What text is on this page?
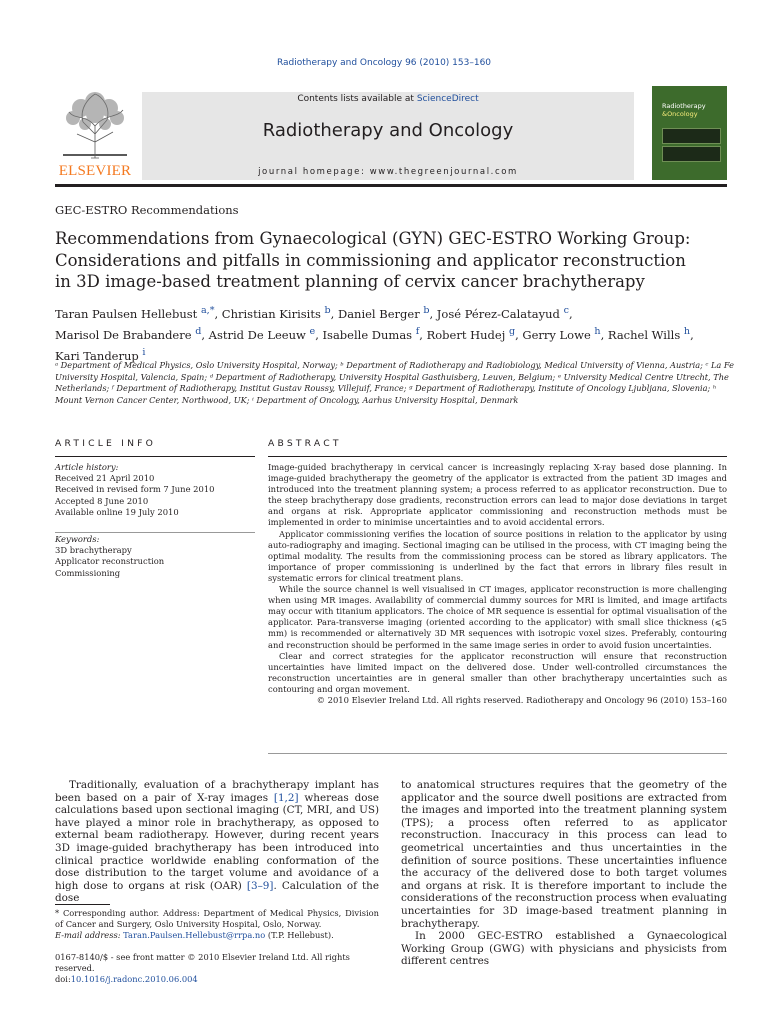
Radiotherapy and Oncology 96 (2010) 153–160
ELSEVIER
Contents lists available at ScienceDirect
Radiotherapy and Oncology
journal homepage: www.thegreenjournal.com
Radiotherapy
&Oncology
GEC-ESTRO Recommendations
Recommendations from Gynaecological (GYN) GEC-ESTRO Working Group:
Considerations and pitfalls in commissioning and applicator reconstruction
in 3D image-based treatment planning of cervix cancer brachytherapy
Taran Paulsen Hellebust $^{a,*}$, Christian Kirisits $^b$, Daniel Berger $^b$, José Pérez-Calatayud $^c$,
Marisol De Brabandere $^d$, Astrid De Leeuw $^e$, Isabelle Dumas $^f$, Robert Hudej $^g$, Gerry Lowe $^h$, Rachel Wills $^h$,
Kari Tanderup $^i$
ᵃ Department of Medical Physics, Oslo University Hospital, Norway; ᵇ Department of Radiotherapy and Radiobiology, Medical University of Vienna, Austria; ᶜ La Fe University Hospital, Valencia, Spain; ᵈ Department of Radiotherapy, University Hospital Gasthuisberg, Leuven, Belgium; ᵉ University Medical Centre Utrecht, The Netherlands; ᶠ Department of Radiotherapy, Institut Gustav Roussy, Villejuif, France; ᵍ Department of Radiotherapy, Institute of Oncology Ljubljana, Slovenia; ʰ Mount Vernon Cancer Center, Northwood, UK; ⁱ Department of Oncology, Aarhus University Hospital, Denmark
ARTICLE INFO
Article history:
Received 21 April 2010
Received in revised form 7 June 2010
Accepted 8 June 2010
Available online 19 July 2010
Keywords:
3D brachytherapy
Applicator reconstruction
Commissioning
ABSTRACT

Image-guided brachytherapy in cervical cancer is increasingly replacing X-ray based dose planning. In image-guided brachytherapy the geometry of the applicator is extracted from the patient 3D images and introduced into the treatment planning system; a process referred to as applicator reconstruction. Due to the steep brachytherapy dose gradients, reconstruction errors can lead to major dose deviations in target and organs at risk. Appropriate applicator commissioning and reconstruction methods must be implemented in order to minimise uncertainties and to avoid accidental errors.

Applicator commissioning verifies the location of source positions in relation to the applicator by using auto-radiography and imaging. Sectional imaging can be utilised in the process, with CT imaging being the optimal modality. The results from the commissioning process can be stored as library applicators. The importance of proper commissioning is underlined by the fact that errors in library files result in systematic errors for clinical treatment plans.

While the source channel is well visualised in CT images, applicator reconstruction is more challenging when using MR images. Availability of commercial dummy sources for MRI is limited, and image artifacts may occur with titanium applicators. The choice of MR sequence is essential for optimal visualisation of the applicator. Para-transverse imaging (oriented according to the applicator) with small slice thickness (⩽5 mm) is recommended or alternatively 3D MR sequences with isotropic voxel sizes. Preferably, contouring and reconstruction should be performed in the same image series in order to avoid fusion uncertainties.

Clear and correct strategies for the applicator reconstruction will ensure that reconstruction uncertainties have limited impact on the delivered dose. Under well-controlled circumstances the reconstruction uncertainties are in general smaller than other brachytherapy uncertainties such as contouring and organ movement.

© 2010 Elsevier Ireland Ltd. All rights reserved. Radiotherapy and Oncology 96 (2010) 153–160

Traditionally, evaluation of a brachytherapy implant has been based on a pair of X-ray images [1,2] whereas dose calculations based upon sectional imaging (CT, MRI, and US) have played a minor role in brachytherapy, as opposed to external beam radiotherapy. However, during recent years 3D image-guided brachytherapy has been introduced into clinical practice worldwide enabling conformation of the dose distribution to the target volume and avoidance of a high dose to organs at risk (OAR) [3–9]. Calculation of the dose

to anatomical structures requires that the geometry of the applicator and the source dwell positions are extracted from the images and imported into the treatment planning system (TPS); a process often referred to as applicator reconstruction. Inaccuracy in this process can lead to geometrical uncertainties and thus uncertainties in the definition of source positions. These uncertainties influence the accuracy of the delivered dose to both target volumes and organs at risk. It is therefore important to include the considerations of the reconstruction process when evaluating uncertainties for 3D image-based treatment planning in brachytherapy.

In 2000 GEC-ESTRO established a Gynaecological Working Group (GWG) with physicians and physicists from different centres

* Corresponding author. Address: Department of Medical Physics, Division of Cancer and Surgery, Oslo University Hospital, Oslo, Norway.
E-mail address: Taran.Paulsen.Hellebust@rrpa.no (T.P. Hellebust).
0167-8140/$ - see front matter © 2010 Elsevier Ireland Ltd. All rights reserved.
doi:10.1016/j.radonc.2010.06.004
